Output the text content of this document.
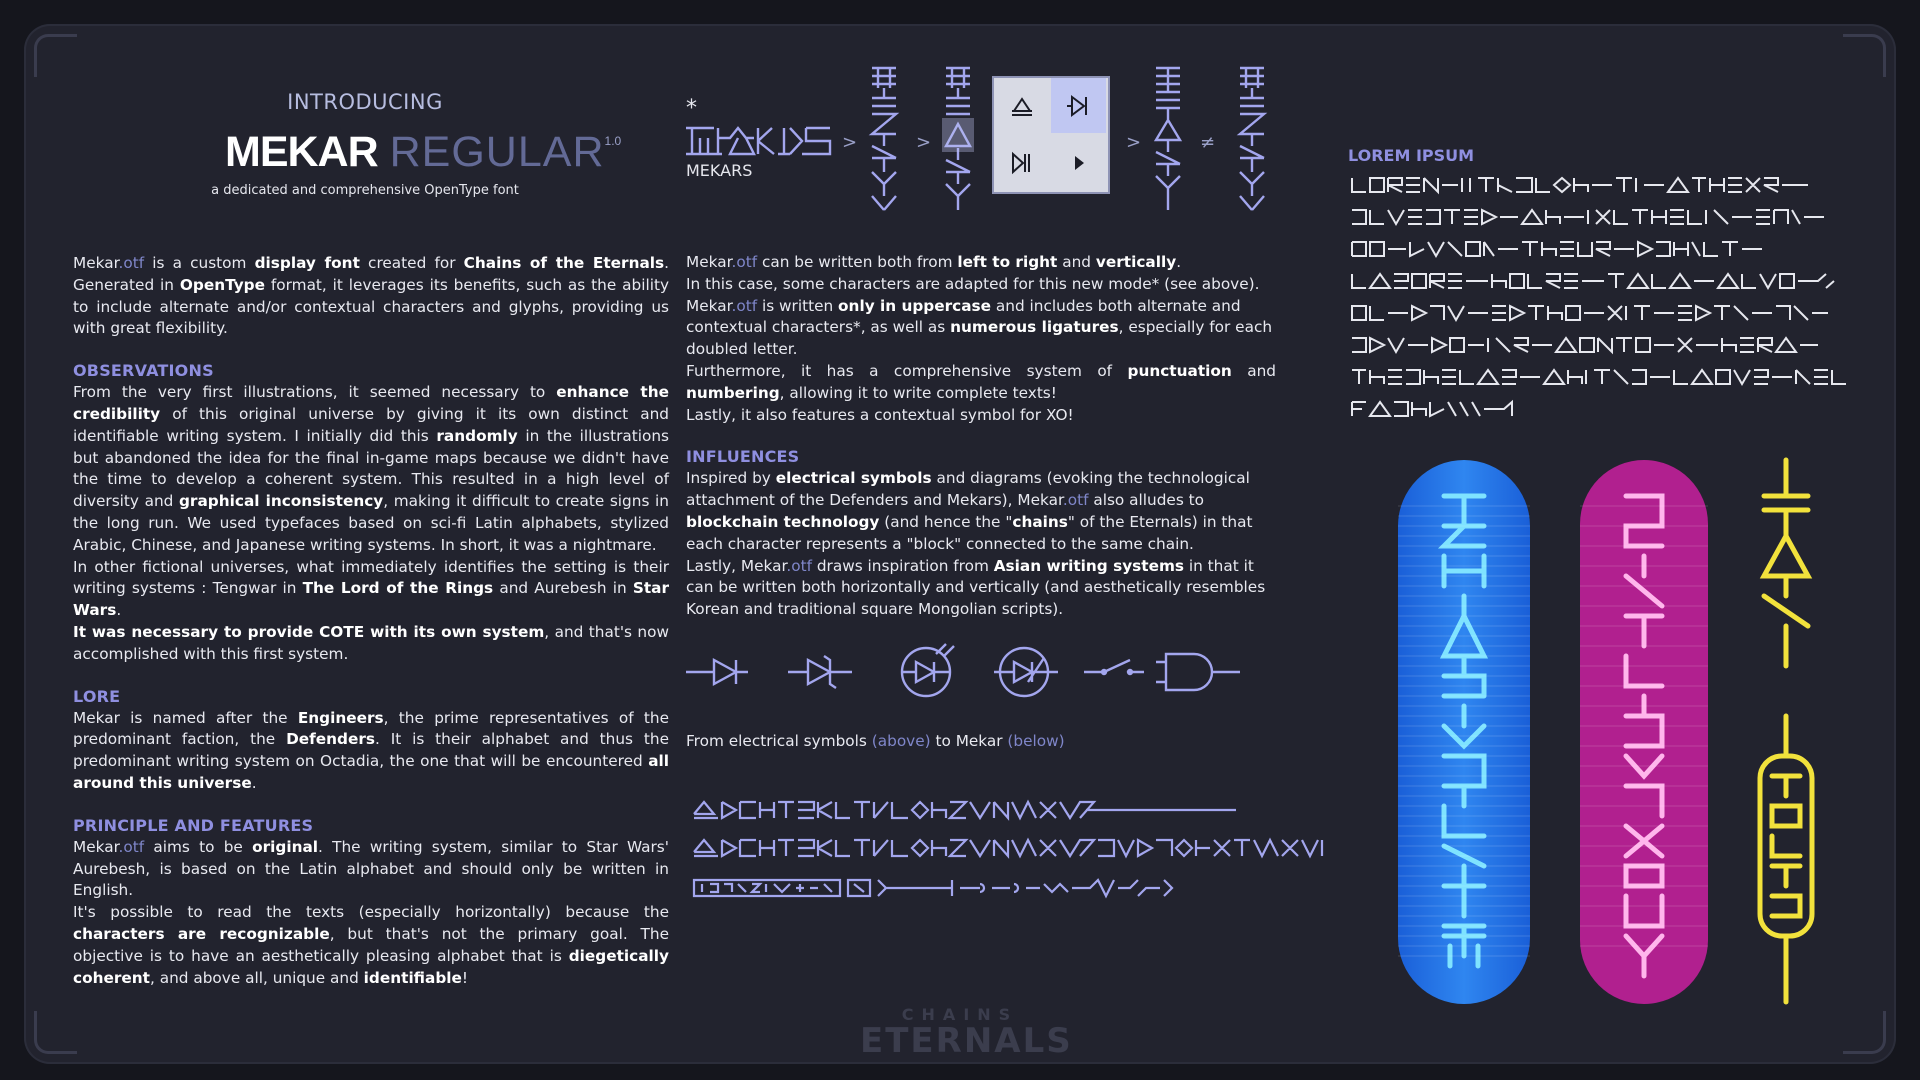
INTRODUCING
MEKAR $REGULAR^{1.0}$
a dedicated and comprehensive OpenType font

Mekar.otf is a custom display font created for Chains of the Eternals. Generated in OpenType format, it leverages its benefits, such as the ability to include alternate and/or contextual characters and glyphs, providing us with great flexibility.

OBSERVATIONS

From the very first illustrations, it seemed necessary to enhance the credibility of this original universe by giving it its own distinct and identifiable writing system. I initially did this randomly in the illustrations but abandoned the idea for the final in-game maps because we didn't have the time to develop a coherent system. This resulted in a high level of diversity and graphical inconsistency, making it difficult to create signs in the long run. We used typefaces based on sci-fi Latin alphabets, stylized Arabic, Chinese, and Japanese writing systems. In short, it was a nightmare.

In other fictional universes, what immediately identifies the setting is their writing systems : Tengwar in The Lord of the Rings and Aurebesh in Star Wars.

It was necessary to provide COTE with its own system, and that's now accomplished with this first system.

LORE

Mekar is named after the Engineers, the prime representatives of the predominant faction, the Defenders. It is their alphabet and thus the predominant writing system on Octadia, the one that will be encountered all around this universe.

PRINCIPLE AND FEATURES

Mekar.otf aims to be original. The writing system, similar to Star Wars' Aurebesh, is based on the Latin alphabet and should only be written in English.

It's possible to read the texts (especially horizontally) because the characters are recognizable, but that's not the primary goal. The objective is to have an aesthetically pleasing alphabet that is diegetically coherent, and above all, unique and identifiable!

*
MEKARS
>	>	>	≠

Mekar.otf can be written both from left to right and vertically.

In this case, some characters are adapted for this new mode* (see above).

Mekar.otf is written only in uppercase and includes both alternate and contextual characters*, as well as numerous ligatures, especially for each doubled letter.

Furthermore, it has a comprehensive system of punctuation and numbering, allowing it to write complete texts!

Lastly, it also features a contextual symbol for XO!

INFLUENCES

Inspired by electrical symbols and diagrams (evoking the technological attachment of the Defenders and Mekars), Mekar.otf also alludes to blockchain technology (and hence the "chains" of the Eternals) in that each character represents a "block" connected to the same chain.

Lastly, Mekar.otf draws inspiration from Asian writing systems in that it can be written both horizontally and vertically (and aesthetically resembles Korean and traditional square Mongolian scripts).

From electrical symbols (above) to Mekar (below)
LOREM IPSUM
CHAINS
ETERNALS
